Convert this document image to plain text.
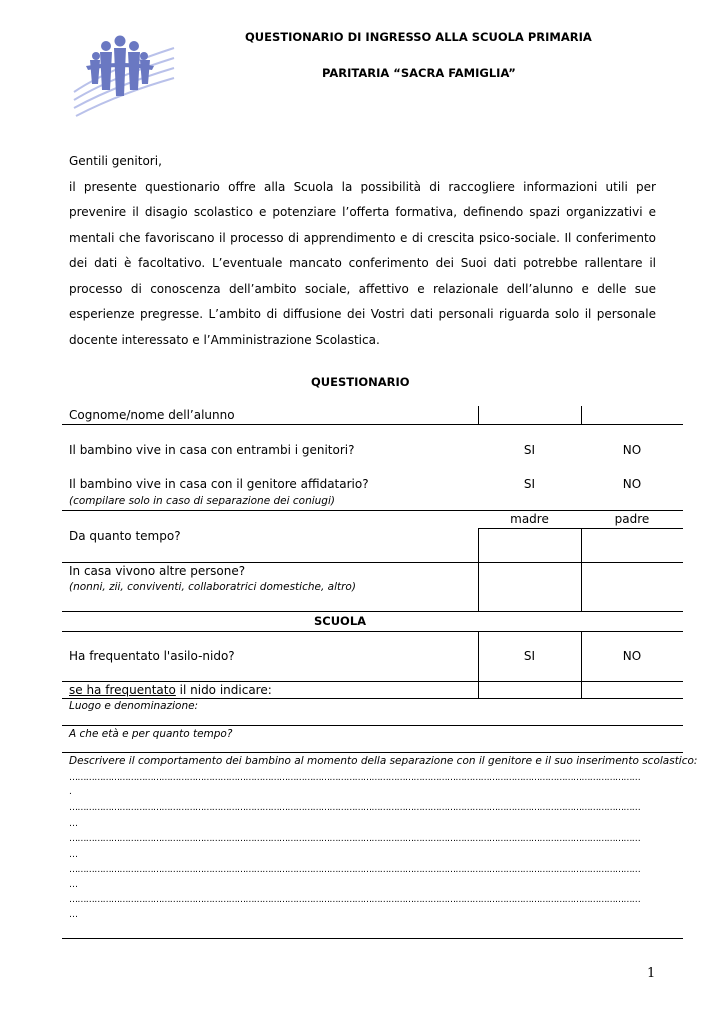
QUESTIONARIO DI INGRESSO ALLA SCUOLA PRIMARIA
PARITARIA “SACRA FAMIGLIA”

Gentili genitori,

il presente questionario offre alla Scuola la possibilità di raccogliere informazioni utili per prevenire il disagio scolastico e potenziare l’offerta formativa, definendo spazi organizzativi e mentali che favoriscano il processo di apprendimento e di crescita psico-sociale. Il conferimento dei dati è facoltativo. L’eventuale mancato conferimento dei Suoi dati potrebbe rallentare il processo di conoscenza dell’ambito sociale, affettivo e relazionale dell’alunno e delle sue esperienze pregresse. L’ambito di diffusione dei Vostri dati personali riguarda solo il personale docente interessato e l’Amministrazione Scolastica.

QUESTIONARIO
Cognome/nome dell’alunno
Il bambino vive in casa con entrambi i genitori?	SI	NO
Il bambino vive in casa con il genitore affidatario?
(compilare solo in caso di separazione dei coniugi)
SI	NO
madre	padre
Da quanto tempo?
In casa vivono altre persone?
(nonni, zii, conviventi, collaboratrici domestiche, altro)
SCUOLA
Ha frequentato l'asilo-nido?	SI	NO
se ha frequentato il nido indicare:
Luogo e denominazione:
A che età e per quanto tempo?
Descrivere il comportamento dei bambino al momento della separazione con il genitore e il suo inserimento scolastico:
……………………………………………………………………………………………………………………………………………………………………………………
.
……………………………………………………………………………………………………………………………………………………………………………………
…
……………………………………………………………………………………………………………………………………………………………………………………
…
……………………………………………………………………………………………………………………………………………………………………………………
…
……………………………………………………………………………………………………………………………………………………………………………………
…
1
